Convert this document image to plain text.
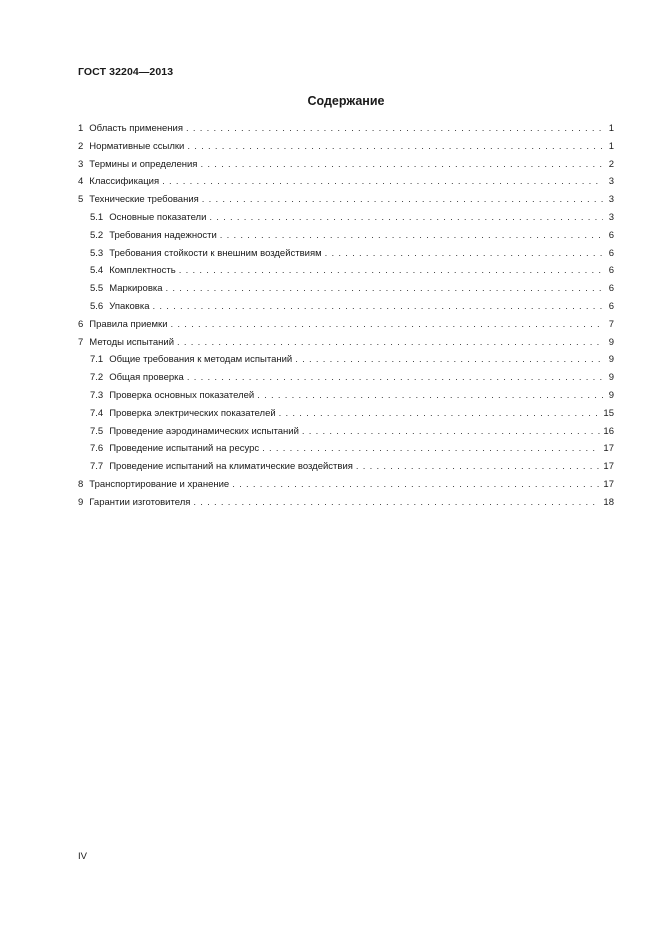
ГОСТ 32204—2013
Содержание
1 Область применения . . .	1
2 Нормативные ссылки . . .	1
3 Термины и определения . . .	2
4 Классификация . . .	3
5 Технические требования . . .	3
5.1 Основные показатели . . .	3
5.2 Требования надежности . . .	6
5.3 Требования стойкости к внешним воздействиям . . .	6
5.4 Комплектность . . .	6
5.5 Маркировка . . .	6
5.6 Упаковка . . .	6
6 Правила приемки . . .	7
7 Методы испытаний . . .	9
7.1 Общие требования к методам испытаний . . .	9
7.2 Общая проверка . . .	9
7.3 Проверка основных показателей . . .	9
7.4 Проверка электрических показателей . . .	15
7.5 Проведение аэродинамических испытаний . . .	16
7.6 Проведение испытаний на ресурс . . .	17
7.7 Проведение испытаний на климатические воздействия . . .	17
8 Транспортирование и хранение . . .	17
9 Гарантии изготовителя . . .	18
IV
